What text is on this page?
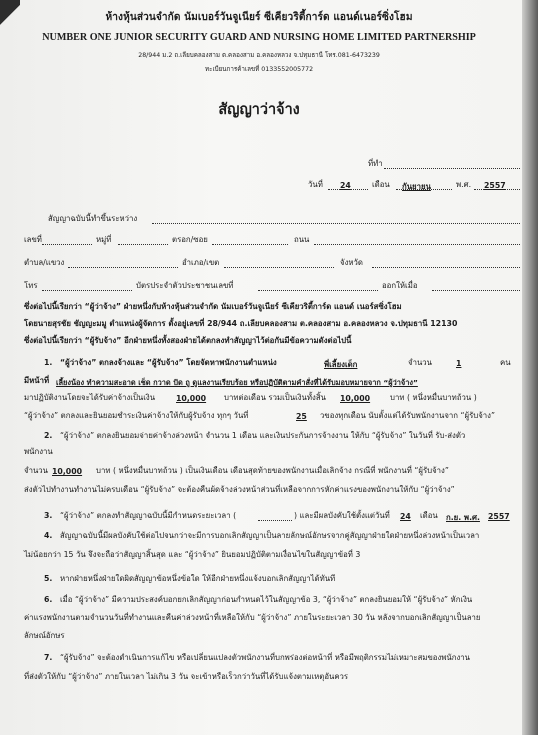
ห้างหุ้นส่วนจำกัด นัมเบอร์วันจูเนียร์ ซีเคียวริตี้การ์ด แอนด์เนอร์ซิ่งโฮม
NUMBER ONE JUNIOR SECURITY GUARD AND NURSING HOME LIMITED PARTNERSHIP
28/944 ม.2 ถ.เลียบคลองสาม ต.คลองสาม อ.คลองหลวง จ.ปทุมธานี โทร.081-6473239
ทะเบียนการค้าเลขที่ 0133552005772
สัญญาว่าจ้าง
ที่ทำ
วันที่ 24	เดือน กันยายน	พ.ศ. 2557
สัญญาฉบับนี้ทำขึ้นระหว่าง
เลขที่	หมู่ที่	ตรอก/ซอย	ถนน
ตำบล/แขวง	อำเภอ/เขต	จังหวัด
โทร	บัตรประจำตัวประชาชนเลขที่	ออกให้เมื่อ
ซึ่งต่อไปนี้เรียกว่า “ผู้ว่าจ้าง” ฝ่ายหนึ่งกับห้างหุ้นส่วนจำกัด นัมเบอร์วันจูเนียร์ ซีเคียวริตี้การ์ด แอนด์ เนอร์สซิ่งโฮม
โดยนายสุรชัย ชัญญะมมู ตำแหน่งผู้จัดการ ตั้งอยู่เลขที่ 28/944 ถ.เลียบคลองสาม ต.คลองสาม อ.คลองหลวง จ.ปทุมธานี 12130
ซึ่งต่อไปนี้เรียกว่า “ผู้รับจ้าง” อีกฝ่ายหนึ่งทั้งสองฝ่ายได้ตกลงทำสัญญาไว้ต่อกันมีข้อความดังต่อไปนี้
1. “ผู้ว่าจ้าง” ตกลงจ้างและ “ผู้รับจ้าง” โดยจัดหาพนักงานตำแหน่ง	พี่เลี้ยงเด็ก	จำนวน	1	คน
มีหน้าที่ เลี้ยงน้อง ทำความสะอาด เช็ด กวาด ปัด ถู ดูแลงานเรียบร้อย หรือปฏิบัติตามคำสั่งที่ได้รับมอบหมายจาก “ผู้ว่าจ้าง”
มาปฏิบัติงานโดยจะได้รับค่าจ้างเป็นเงิน	10,000 บาทต่อเดือน รวมเป็นเงินทั้งสิ้น 10,000	บาท ( หนึ่งหมื่นบาทถ้วน )
“ผู้ว่าจ้าง” ตกลงและยินยอมชำระเงินค่าจ้างให้กับผู้รับจ้าง ทุกๆ วันที่	25 วของทุกเดือน นับตั้งแต่ได้รับพนักงานจาก “ผู้รับจ้าง”
2. “ผู้ว่าจ้าง” ตกลงยินยอมจ่ายค่าจ้างล่วงหน้า จำนวน 1 เดือน และเงินประกันการจ้างงาน ให้กับ “ผู้รับจ้าง” ในวันที่ รับ-ส่งตัว
พนักงาน
จำนวน 10,000 บาท ( หนึ่งหมื่นบาทถ้วน ) เป็นเงินเดือน เดือนสุดท้ายของพนักงานเมื่อเลิกจ้าง กรณีที่ พนักงานที่ “ผู้รับจ้าง”
ส่งตัวไปทำงานทำงานไม่ครบเดือน “ผู้รับจ้าง” จะต้องคืนผ้ดจ้างล่วงหน้าส่วนที่เหลือจากการหักค่าแรงของพนักงานให้กับ “ผู้ว่าจ้าง”
3. “ผู้ว่าจ้าง” ตกลงทำสัญญาฉบับนี้มีกำหนดระยะเวลา (	) และมีผลบังคับใช้ตั้งแต่วันที่ 24 เดือน ก.ย. พ.ศ. 2557
4. สัญญาฉบับนี้มีผลบังคับใช้ต่อไปจนกว่าจะมีการบอกเลิกสัญญาเป็นลายลักษณ์อักษรจากคู่สัญญาฝ่ายใดฝ่ายหนึ่งล่วงหน้าเป็นเวลา
ไม่น้อยกว่า 15 วัน จึงจะถือว่าสัญญาสิ้นสุด และ “ผู้ว่าจ้าง” ยินยอมปฏิบัติตามเงื่อนไขในสัญญาข้อที่ 3
5. หากฝ่ายหนึ่งฝ่ายใดผิดสัญญาข้อหนึ่งข้อใด ให้อีกฝ่ายหนึ่งแจ้งบอกเลิกสัญญาได้ทันที
6. เมื่อ “ผู้ว่าจ้าง” มีความประสงค์บอกยกเลิกสัญญาก่อนกำหนดไว้ในสัญญาข้อ 3, “ผู้ว่าจ้าง” ตกลงยินยอมให้ “ผู้รับจ้าง” หักเงิน
ค่าแรงพนักงานตามจำนวนวันที่ทำงานและคืนค่าล่วงหน้าที่เหลือให้กับ “ผู้ว่าจ้าง” ภายในระยะเวลา 30 วัน หลังจากบอกเลิกสัญญาเป็นลาย
ลักษณ์อักษร
7. “ผู้รับจ้าง” จะต้องดำเนินการแก้ไข หรือเปลี่ยนแปลงตัวพนักงานที่บกพร่องต่อหน้าที่ หรือมีพฤติกรรมไม่เหมาะสมของพนักงาน
ที่ส่งตัวให้กับ “ผู้ว่าจ้าง” ภายในเวลา ไม่เกิน 3 วัน จะเข้าหรือเร็วกว่าวันที่ได้รับแจ้งตามเหตุอันควร
